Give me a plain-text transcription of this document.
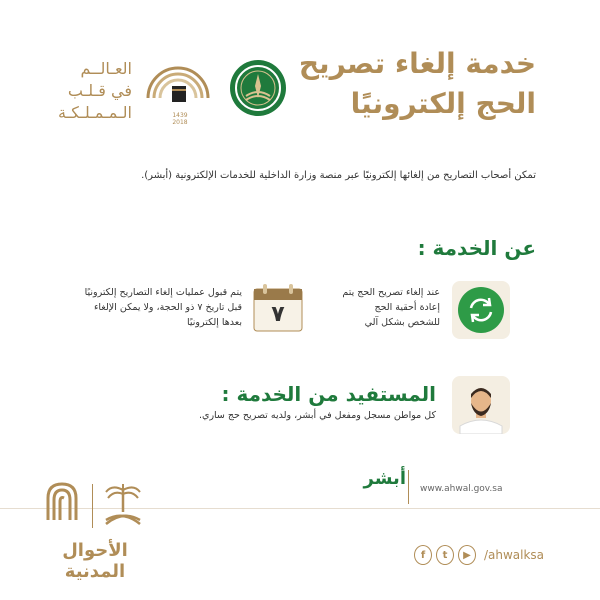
خدمة إلغاء تصريح
الحج إلكترونيًا
1439
2018
العـالــم
في قـلـب
الـمـمـلـكـة
تمكن أصحاب التصاريح من إلغائها إلكترونيًا عبر منصة وزارة الداخلية للخدمات الإلكترونية (أبشر).
عن الخدمة :
عند إلغاء تصريح الحج يتم إعادة أحقية الحج للشخص بشكل آلي
٧
يتم قبول عمليات إلغاء التصاريح إلكترونيًا قبل تاريخ ٧ ذو الحجة، ولا يمكن الإلغاء بعدها إلكترونيًا
المستفيد من الخدمة :
كل مواطن مسجل ومفعل في أبشر، ولديه تصريح حج ساري.
www.ahwal.gov.sa
أبشر
الأحوال المدنية
f	t	▶	/ahwalksa
